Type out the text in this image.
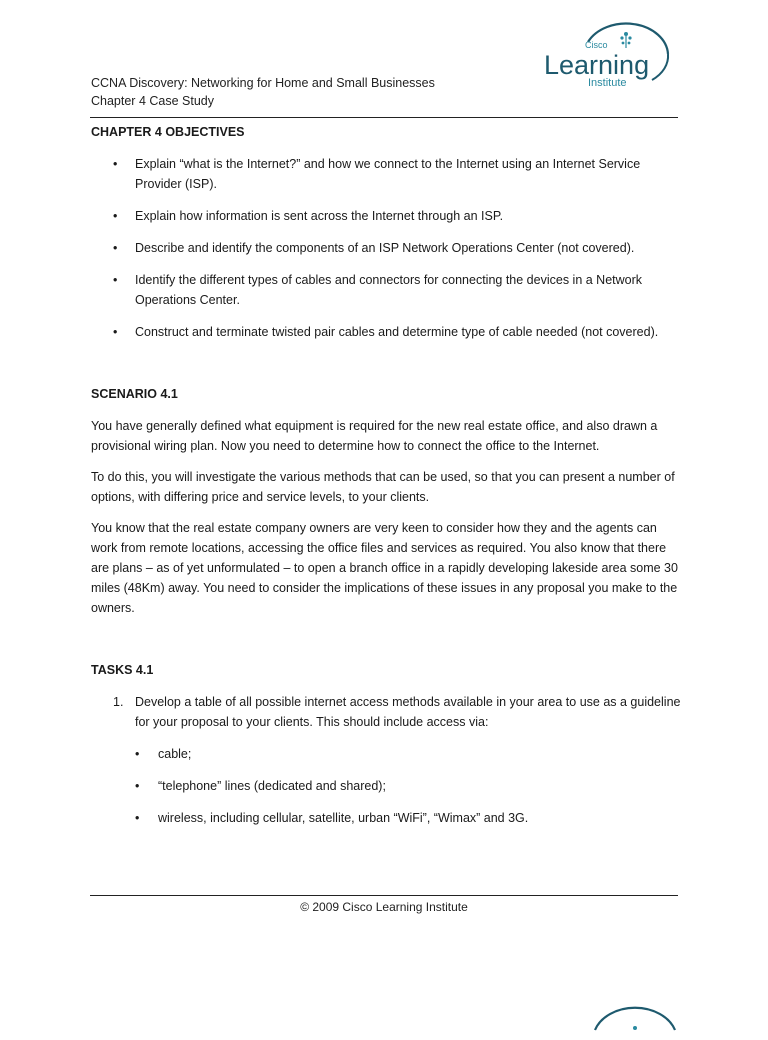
CCNA Discovery: Networking for Home and Small Businesses
Chapter 4 Case Study
Cisco
Learning
Institute
CHAPTER 4 OBJECTIVES
• Explain “what is the Internet?” and how we connect to the Internet using an Internet Service Provider (ISP).
• Explain how information is sent across the Internet through an ISP.
• Describe and identify the components of an ISP Network Operations Center (not covered).
• Identify the different types of cables and connectors for connecting the devices in a Network Operations Center.
• Construct and terminate twisted pair cables and determine type of cable needed (not covered).
SCENARIO 4.1

You have generally defined what equipment is required for the new real estate office, and also drawn a provisional wiring plan. Now you need to determine how to connect the office to the Internet.

To do this, you will investigate the various methods that can be used, so that you can present a number of options, with differing price and service levels, to your clients.

You know that the real estate company owners are very keen to consider how they and the agents can work from remote locations, accessing the office files and services as required. You also know that there are plans – as of yet unformulated – to open a branch office in a rapidly developing lakeside area some 30 miles (48Km) away. You need to consider the implications of these issues in any proposal you make to the owners.

TASKS 4.1
1. Develop a table of all possible internet access methods available in your area to use as a guideline for your proposal to your clients. This should include access via:
• cable;
• “telephone” lines (dedicated and shared);
• wireless, including cellular, satellite, urban “WiFi”, “Wimax” and 3G.
© 2009 Cisco Learning Institute
